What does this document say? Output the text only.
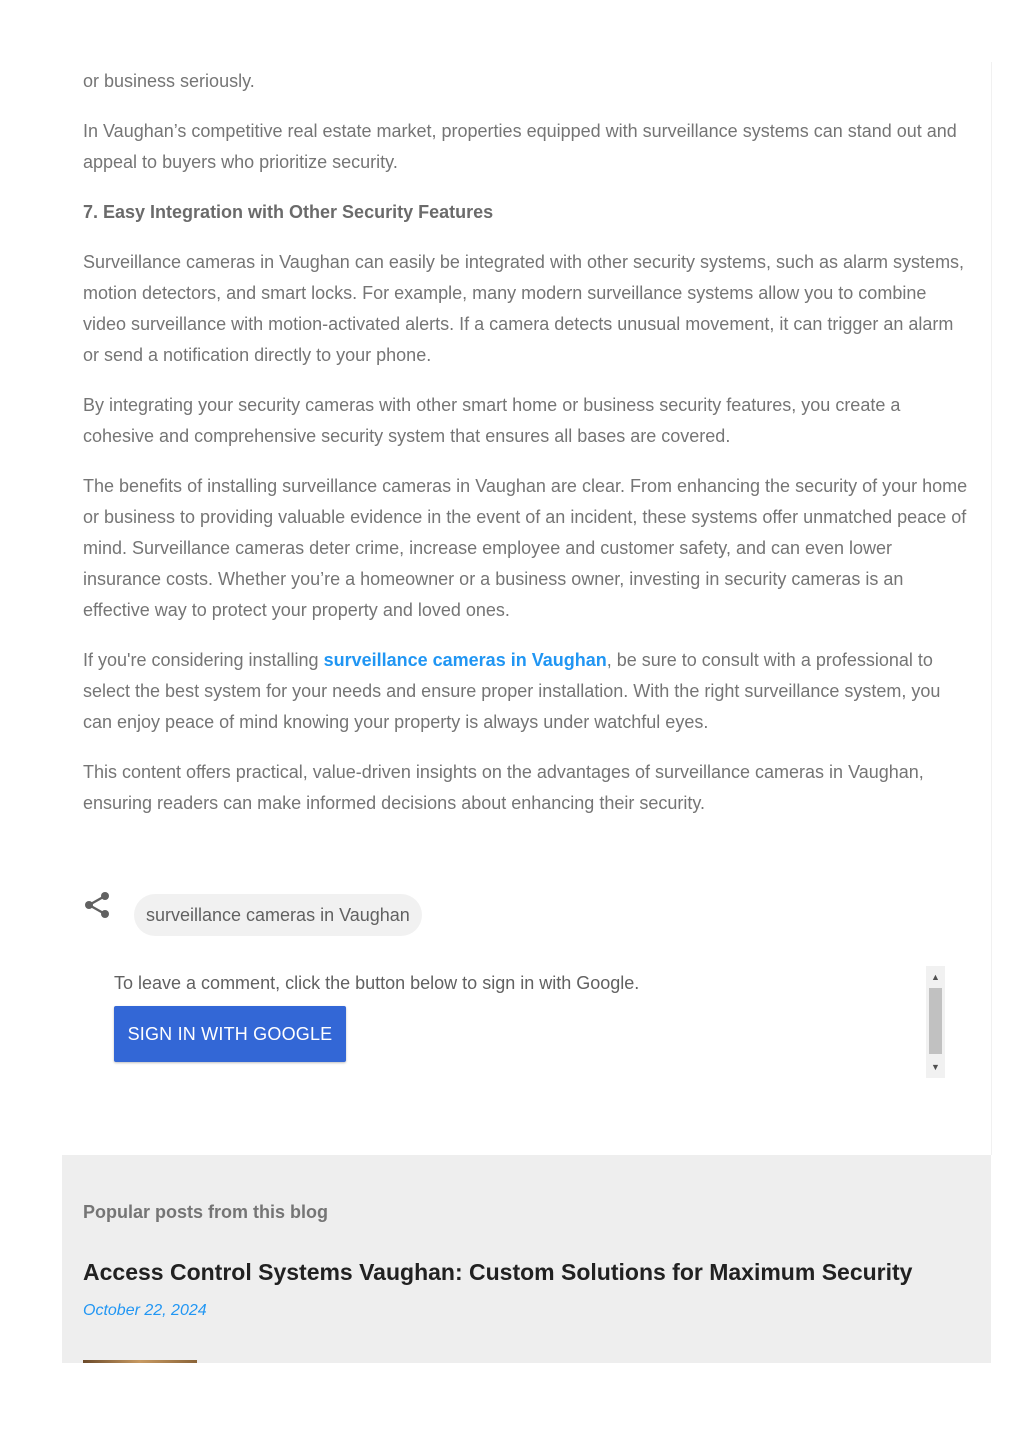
or business seriously.

In Vaughan’s competitive real estate market, properties equipped with surveillance systems can stand out and appeal to buyers who prioritize security.

7. Easy Integration with Other Security Features

Surveillance cameras in Vaughan can easily be integrated with other security systems, such as alarm systems, motion detectors, and smart locks. For example, many modern surveillance systems allow you to combine video surveillance with motion-activated alerts. If a camera detects unusual movement, it can trigger an alarm or send a notification directly to your phone.

By integrating your security cameras with other smart home or business security features, you create a cohesive and comprehensive security system that ensures all bases are covered.

The benefits of installing surveillance cameras in Vaughan are clear. From enhancing the security of your home or business to providing valuable evidence in the event of an incident, these systems offer unmatched peace of mind. Surveillance cameras deter crime, increase employee and customer safety, and can even lower insurance costs. Whether you’re a homeowner or a business owner, investing in security cameras is an effective way to protect your property and loved ones.

If you're considering installing surveillance cameras in Vaughan, be sure to consult with a professional to select the best system for your needs and ensure proper installation. With the right surveillance system, you can enjoy peace of mind knowing your property is always under watchful eyes.

This content offers practical, value-driven insights on the advantages of surveillance cameras in Vaughan, ensuring readers can make informed decisions about enhancing their security.

surveillance cameras in Vaughan
To leave a comment, click the button below to sign in with Google.
SIGN IN WITH GOOGLE
▲
▼
Popular posts from this blog
Access Control Systems Vaughan: Custom Solutions for Maximum Security
October 22, 2024
